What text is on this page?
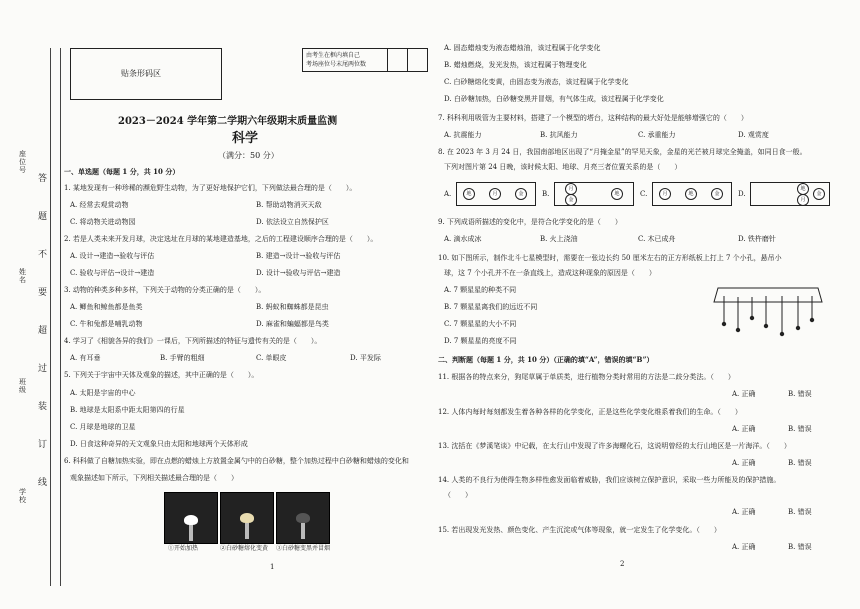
座位号
姓名
班级
学校
答 题 不 要 超 过 装 订 线
贴条形码区
由考生在框内填自己
考场座位号末尾两位数
2023－2024 学年第二学期六年级期末质量监测
科学
（满分：50 分）
一、单选题（每题 1 分，共 10 分）
1. 某地发现有一种珍稀的濒危野生动物，为了更好地保护它们，下列做法最合理的是（　　）。
A. 经常去观赏动物	B. 帮助动物消灭天敌
C. 将动物关进动物园	D. 依法设立自然保护区
2. 若是人类未来开发月球，决定选址在月球的某地建造基地，之后的工程建设顺序合理的是（　　）。
A. 设计→建造→验收与评估	B. 建造→设计→验收与评估
C. 验收与评估→设计→建造	D. 设计→验收与评估→建造
3. 动物的种类多种多样，下列关于动物的分类正确的是（　　）。
A. 鲫鱼和鲸鱼都是鱼类	B. 蚂蚁和蜘蛛都是昆虫
C. 牛和兔都是哺乳动物	D. 麻雀和蝙蝠都是鸟类
4. 学习了《相貌各异的我们》一课后，下列所描述的特征与遗传有关的是（　　）。
A. 有耳垂	B. 手臂的粗细	C. 单眼皮	D. 平发际
5. 下列关于宇宙中天体及观象的描述，其中正确的是（　　）。
A. 太阳是宇宙的中心
B. 地球是太阳系中距太阳第四的行星
C. 月球是地球的卫星
D. 日食这种奇异的天文观象只由太阳和地球两个天体形成
6. 科科做了自糖加热实验，即在点燃的蜡烛上方放置金属勺中的白砂糖，整个加热过程中白砂糖和蜡烛的变化和
观象描述如下所示，下列相关描述最合理的是（　　）
①开始加热	②白砂糖熔化变黄 ③白砂糖变黑并冒烟
1
A. 固态蜡烛变为液态蜡烛油，该过程属于化学变化
B. 蜡烛燃烧，发光发热，该过程属于物理变化
C. 白砂糖熔化变黄，由固态变为液态，该过程属于化学变化
D. 白砂糖加热，白砂糖变黑并冒烟，有气体生成，该过程属于化学变化
7. 科科利用吸管为主要材料，搭建了一个模型的塔台，这种结构的最大好处是能够增强它的（　　）
A. 抗震能力	B. 抗风能力	C. 承重能力	D. 观赏度
8. 在 2023 年 3 月 24 日，我国南部地区出现了“月掩金星”的罕见天象，金星的光芒被月球完全掩盖，如同日食一般。
下列对图片第 24 日晚，该时候太阳、地球、月亮三者位置关系的是（　　）
A.	地	月	金	B.
月
金
地	C.	月	地	金	D.
地
月
金
9. 下列成语所描述的变化中，是符合化学变化的是（　　）
A. 滴水成冰	B. 火上浇油	C. 木已成舟	D. 铁杵磨针
10. 如下图所示，制作北斗七星模型时，需要在一张边长约 50 厘米左右的正方形纸板上打上 7 个小孔，悬吊小
球，这 7 个小孔并不在一条直线上，造成这种现象的原因是（　　）
A. 7 颗星星的种类不同
B. 7 颗星星离我们的远近不同
C. 7 颗星星的大小不同
D. 7 颗星星的亮度不同
二、判断题（每题 1 分，共 10 分）（正确的填“A”，错误的填“B”）
11. 根据各的特点来分，狗尾草属于单质类，进行植物分类时常用的方法是二歧分类法。（　　）
A. 正确	B. 错误
12. 人体内每时每刻都发生着各种各样的化学变化，正是这些化学变化维系着我们的生命。（　　）
A. 正确	B. 错误
13. 沈括在《梦溪笔谈》中记载，在太行山中发现了许多海螺化石，这说明曾经的太行山地区是一片海洋。（　　）
A. 正确	B. 错误
14. 人类的不良行为使得生物多样性愈发面临着威胁，我们应该树立保护意识，采取一些力所能及的保护措施。
（　　）
A. 正确	B. 错误
15. 若出现发光发热、颜色变化、产生沉淀或气体等现象，就一定发生了化学变化。（　　）
A. 正确	B. 错误
2
